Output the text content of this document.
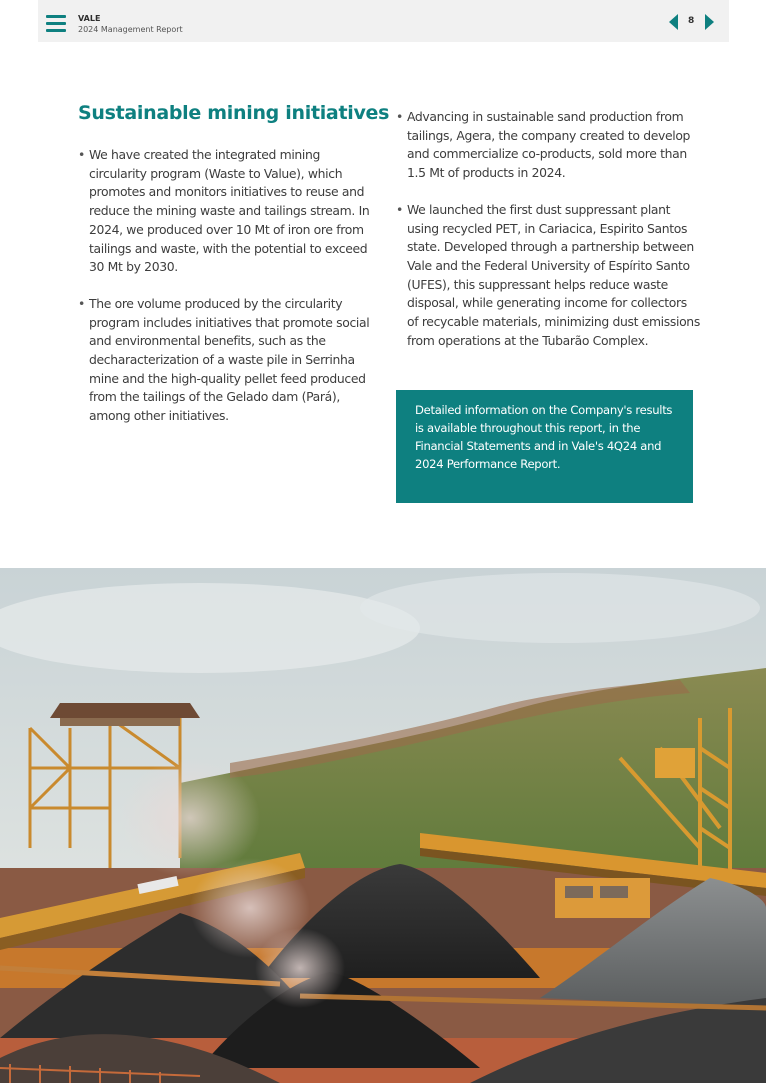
VALE
2024 Management Report
8
Sustainable mining initiatives
• We have created the integrated mining circularity program (Waste to Value), which promotes and monitors initiatives to reuse and reduce the mining waste and tailings stream. In 2024, we produced over 10 Mt of iron ore from tailings and waste, with the potential to exceed 30 Mt by 2030.
• The ore volume produced by the circularity program includes initiatives that promote social and environmental benefits, such as the decharacterization of a waste pile in Serrinha mine and the high-quality pellet feed produced from the tailings of the Gelado dam (Pará), among other initiatives.
• Advancing in sustainable sand production from tailings, Agera, the company created to develop and commercialize co-products, sold more than 1.5 Mt of products in 2024.
• We launched the first dust suppressant plant using recycled PET, in Cariacica, Espirito Santos state. Developed through a partnership between Vale and the Federal University of Espírito Santo (UFES), this suppressant helps reduce waste disposal, while generating income for collectors of recycable materials, minimizing dust emissions from operations at the Tubarão Complex.

Detailed information on the Company's results is available throughout this report, in the Financial Statements and in Vale's 4Q24 and 2024 Performance Report.
